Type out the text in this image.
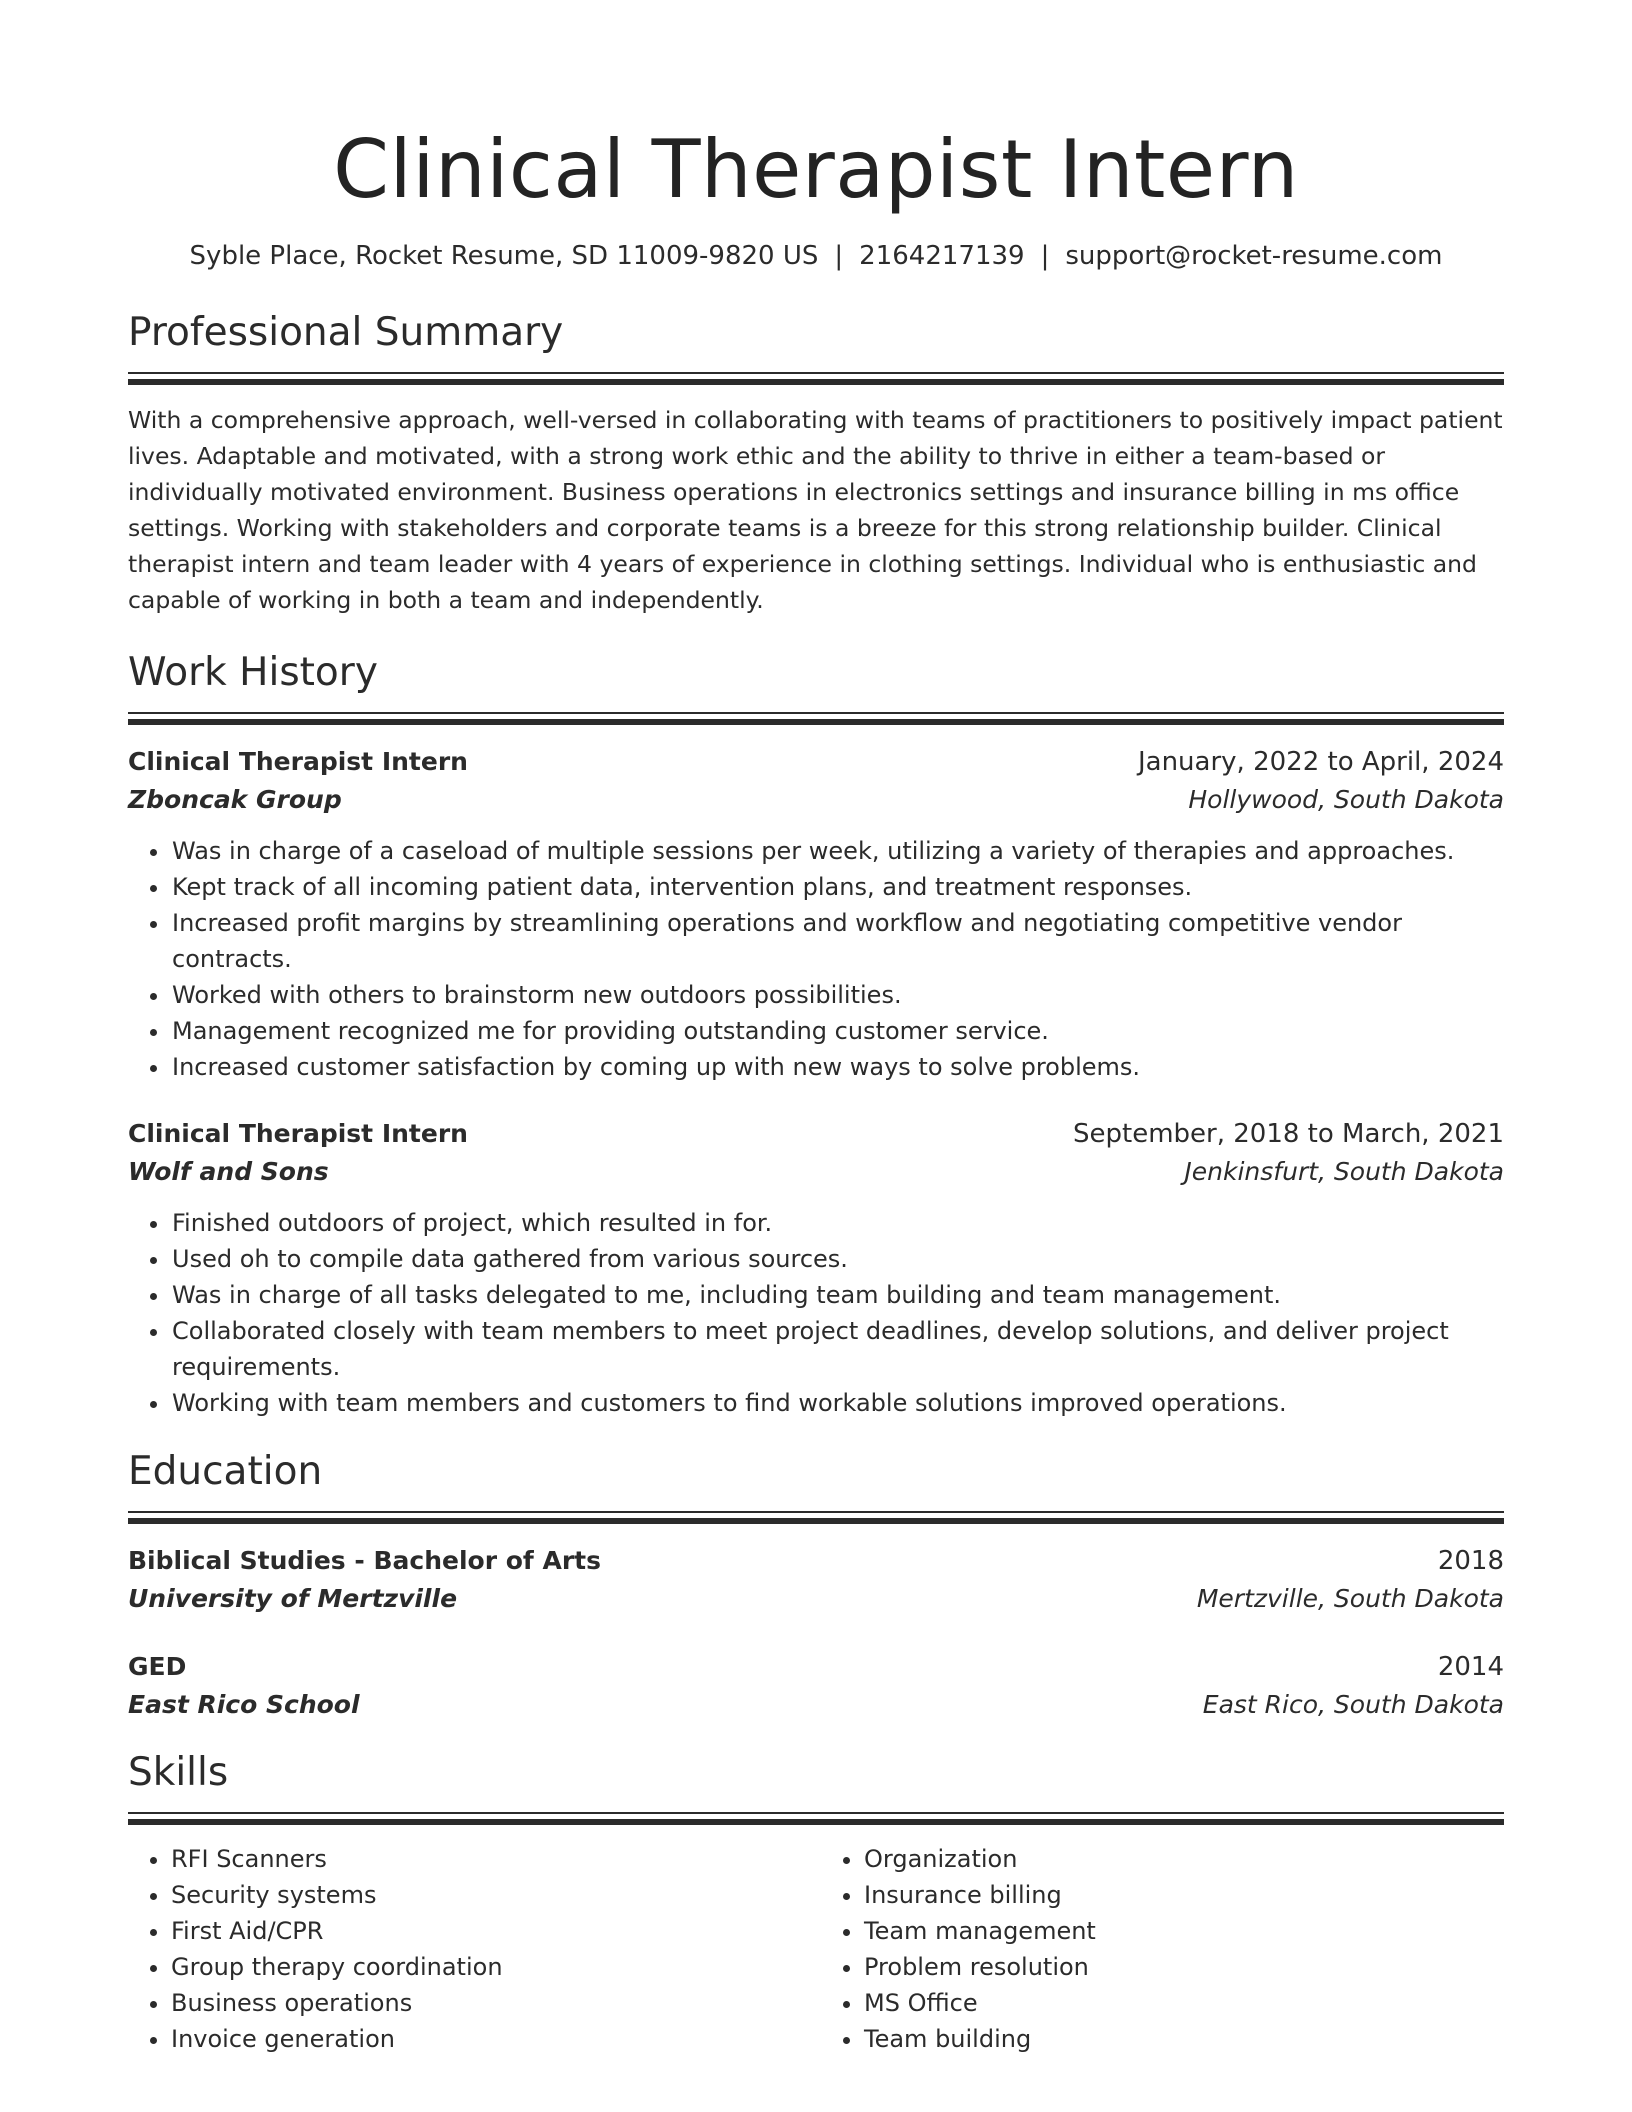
Clinical Therapist Intern
Syble Place, Rocket Resume, SD 11009-9820 US | 2164217139 | support@rocket-resume.com
Professional Summary

With a comprehensive approach, well-versed in collaborating with teams of practitioners to positively impact patient lives. Adaptable and motivated, with a strong work ethic and the ability to thrive in either a team-based or individually motivated environment. Business operations in electronics settings and insurance billing in ms office settings. Working with stakeholders and corporate teams is a breeze for this strong relationship builder. Clinical therapist intern and team leader with 4 years of experience in clothing settings. Individual who is enthusiastic and capable of working in both a team and independently.

Work History
Clinical Therapist Intern	January, 2022 to April, 2024
Zboncak Group	Hollywood, South Dakota
• Was in charge of a caseload of multiple sessions per week, utilizing a variety of therapies and approaches.
• Kept track of all incoming patient data, intervention plans, and treatment responses.
• Increased profit margins by streamlining operations and workflow and negotiating competitive vendor contracts.
• Worked with others to brainstorm new outdoors possibilities.
• Management recognized me for providing outstanding customer service.
• Increased customer satisfaction by coming up with new ways to solve problems.
Clinical Therapist Intern	September, 2018 to March, 2021
Wolf and Sons	Jenkinsfurt, South Dakota
• Finished outdoors of project, which resulted in for.
• Used oh to compile data gathered from various sources.
• Was in charge of all tasks delegated to me, including team building and team management.
• Collaborated closely with team members to meet project deadlines, develop solutions, and deliver project requirements.
• Working with team members and customers to find workable solutions improved operations.
Education
Biblical Studies - Bachelor of Arts	2018
University of Mertzville	Mertzville, South Dakota
GED	2014
East Rico School	East Rico, South Dakota
Skills
• RFI Scanners
• Security systems
• First Aid/CPR
• Group therapy coordination
• Business operations
• Invoice generation
• Organization
• Insurance billing
• Team management
• Problem resolution
• MS Office
• Team building
